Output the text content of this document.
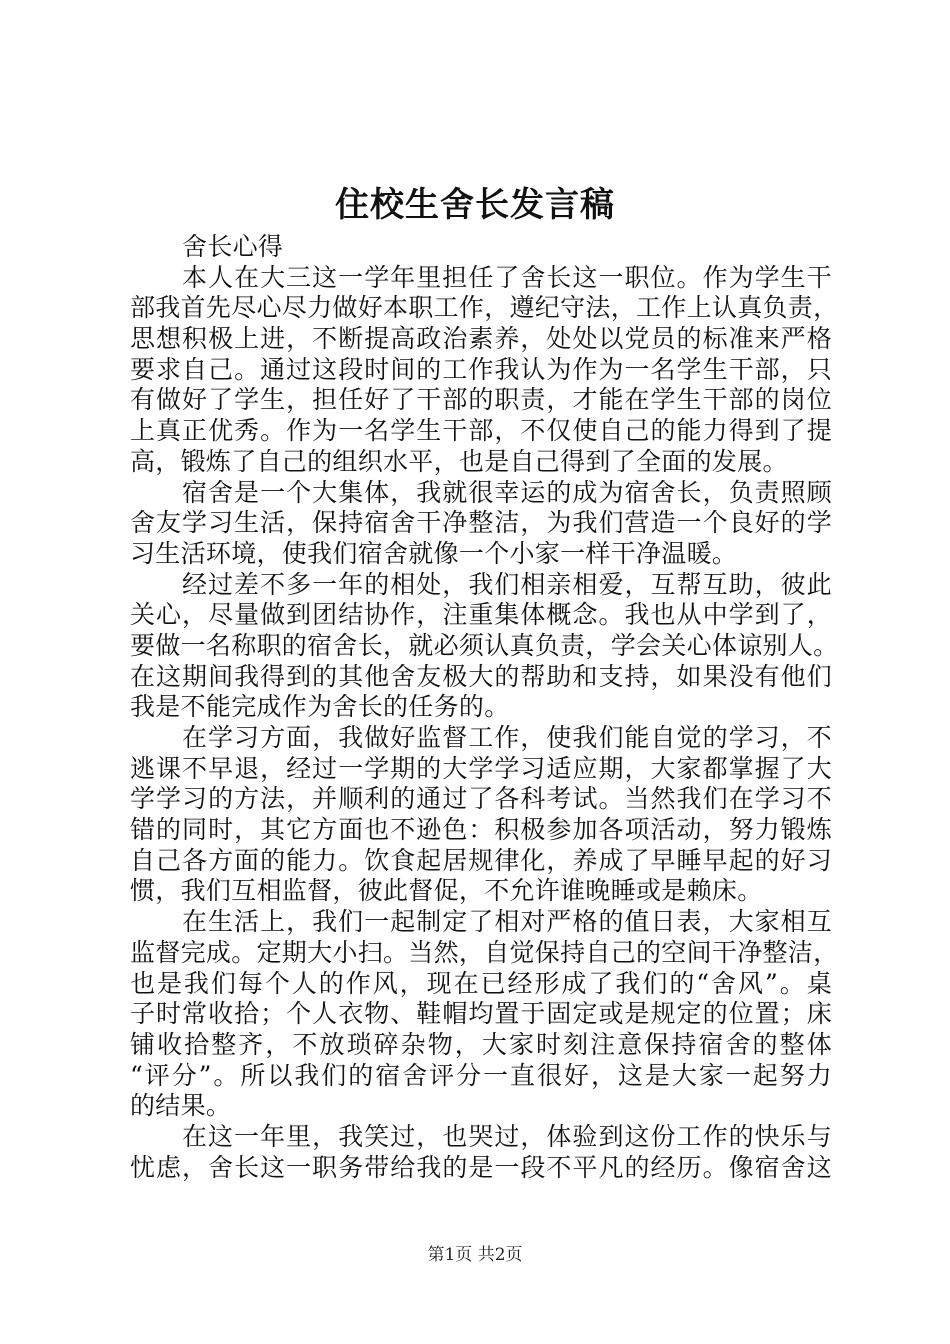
住校生舍长发言稿
舍长心得
本人在大三这一学年里担任了舍长这一职位。作为学生干
部我首先尽心尽力做好本职工作，遵纪守法，工作上认真负责，
思想积极上进，不断提高政治素养，处处以党员的标准来严格
要求自己。通过这段时间的工作我认为作为一名学生干部，只
有做好了学生，担任好了干部的职责，才能在学生干部的岗位
上真正优秀。作为一名学生干部，不仅使自己的能力得到了提
高，锻炼了自己的组织水平，也是自己得到了全面的发展。
宿舍是一个大集体，我就很幸运的成为宿舍长，负责照顾
舍友学习生活，保持宿舍干净整洁，为我们营造一个良好的学
习生活环境，使我们宿舍就像一个小家一样干净温暖。
经过差不多一年的相处，我们相亲相爱，互帮互助，彼此
关心，尽量做到团结协作，注重集体概念。我也从中学到了，
要做一名称职的宿舍长，就必须认真负责，学会关心体谅别人。
在这期间我得到的其他舍友极大的帮助和支持，如果没有他们
我是不能完成作为舍长的任务的。
在学习方面，我做好监督工作，使我们能自觉的学习，不
逃课不早退，经过一学期的大学学习适应期，大家都掌握了大
学学习的方法，并顺利的通过了各科考试。当然我们在学习不
错的同时，其它方面也不逊色：积极参加各项活动，努力锻炼
自己各方面的能力。饮食起居规律化，养成了早睡早起的好习
惯，我们互相监督，彼此督促，不允许谁晚睡或是赖床。
在生活上，我们一起制定了相对严格的值日表，大家相互
监督完成。定期大小扫。当然，自觉保持自己的空间干净整洁，
也是我们每个人的作风，现在已经形成了我们的“舍风”。桌
子时常收拾；个人衣物、鞋帽均置于固定或是规定的位置；床
铺收拾整齐，不放琐碎杂物，大家时刻注意保持宿舍的整体
“评分”。所以我们的宿舍评分一直很好，这是大家一起努力
的结果。
在这一年里，我笑过，也哭过，体验到这份工作的快乐与
忧虑，舍长这一职务带给我的是一段不平凡的经历。像宿舍这
第1页 共2页
